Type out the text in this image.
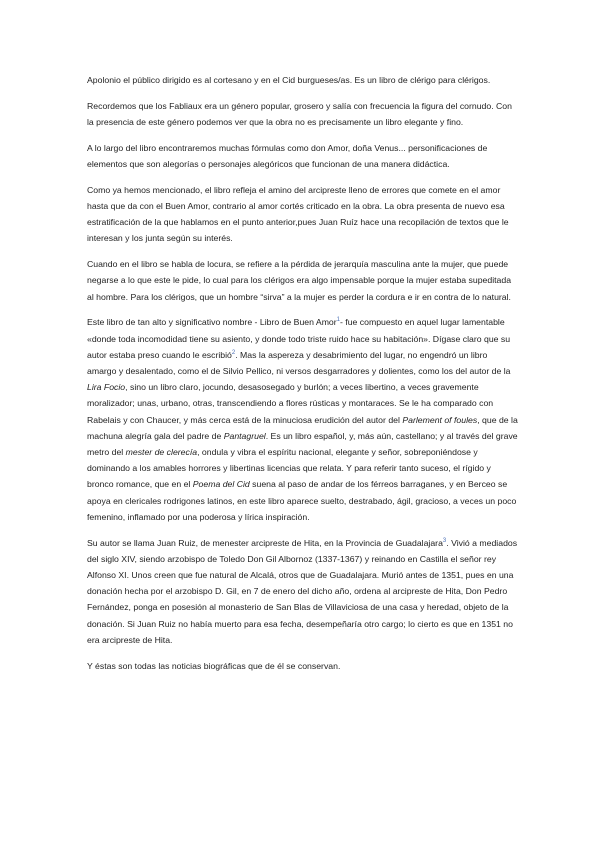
Apolonio el público dirigido es al cortesano y en el Cid burgueses/as. Es un libro de clérigo para clérigos.

Recordemos que los Fabliaux era un género popular, grosero y salía con frecuencia la figura del cornudo. Con la presencia de este género podemos ver que la obra no es precisamente un libro elegante y fino.

A lo largo del libro encontraremos muchas fórmulas como don Amor, doña Venus... personificaciones de elementos que son alegorías o personajes alegóricos que funcionan de una manera didáctica.

Como ya hemos mencionado, el libro refleja el amino del arcipreste lleno de errores que comete en el amor hasta que da con el Buen Amor, contrario al amor cortés criticado en la obra. La obra presenta de nuevo esa estratificación de la que hablamos en el punto anterior,pues Juan Ruíz hace una recopilación de textos que le interesan y los junta según su interés.

Cuando en el libro se habla de locura, se refiere a la pérdida de jerarquía masculina ante la mujer, que puede negarse a lo que este le pide, lo cual para los clérigos era algo impensable porque la mujer estaba supeditada al hombre. Para los clérigos, que un hombre “sirva” a la mujer es perder la cordura e ir en contra de lo natural.

Este libro de tan alto y significativo nombre - Libro de Buen Amor$^1$- fue compuesto en aquel lugar lamentable «donde toda incomodidad tiene su asiento, y donde todo triste ruido hace su habitación». Dígase claro que su autor estaba preso cuando le escribió$^2$. Mas la aspereza y desabrimiento del lugar, no engendró un libro amargo y desalentado, como el de Silvio Pellico, ni versos desgarradores y dolientes, como los del autor de la Lira Focio, sino un libro claro, jocundo, desasosegado y burlón; a veces libertino, a veces gravemente moralizador; unas, urbano, otras, transcendiendo a flores rústicas y montaraces. Se le ha comparado con Rabelais y con Chaucer, y más cerca está de la minuciosa erudición del autor del Parlement of foules, que de la machuna alegría gala del padre de Pantagruel. Es un libro español, y, más aún, castellano; y al través del grave metro del mester de clerecía, ondula y vibra el espíritu nacional, elegante y señor, sobreponiéndose y dominando a los amables horrores y libertinas licencias que relata. Y para referir tanto suceso, el rígido y bronco romance, que en el Poema del Cid suena al paso de andar de los férreos barraganes, y en Berceo se apoya en clericales rodrigones latinos, en este libro aparece suelto, destrabado, ágil, gracioso, a veces un poco femenino, inflamado por una poderosa y lírica inspiración.

Su autor se llama Juan Ruiz, de menester arcipreste de Hita, en la Provincia de Guadalajara$^3$. Vivió a mediados del siglo XIV, siendo arzobispo de Toledo Don Gil Albornoz (1337-1367) y reinando en Castilla el señor rey Alfonso XI. Unos creen que fue natural de Alcalá, otros que de Guadalajara. Murió antes de 1351, pues en una donación hecha por el arzobispo D. Gil, en 7 de enero del dicho año, ordena al arcipreste de Hita, Don Pedro Fernández, ponga en posesión al monasterio de San Blas de Villaviciosa de una casa y heredad, objeto de la donación. Si Juan Ruiz no había muerto para esa fecha, desempeñaría otro cargo; lo cierto es que en 1351 no era arcipreste de Hita.

Y éstas son todas las noticias biográficas que de él se conservan.
